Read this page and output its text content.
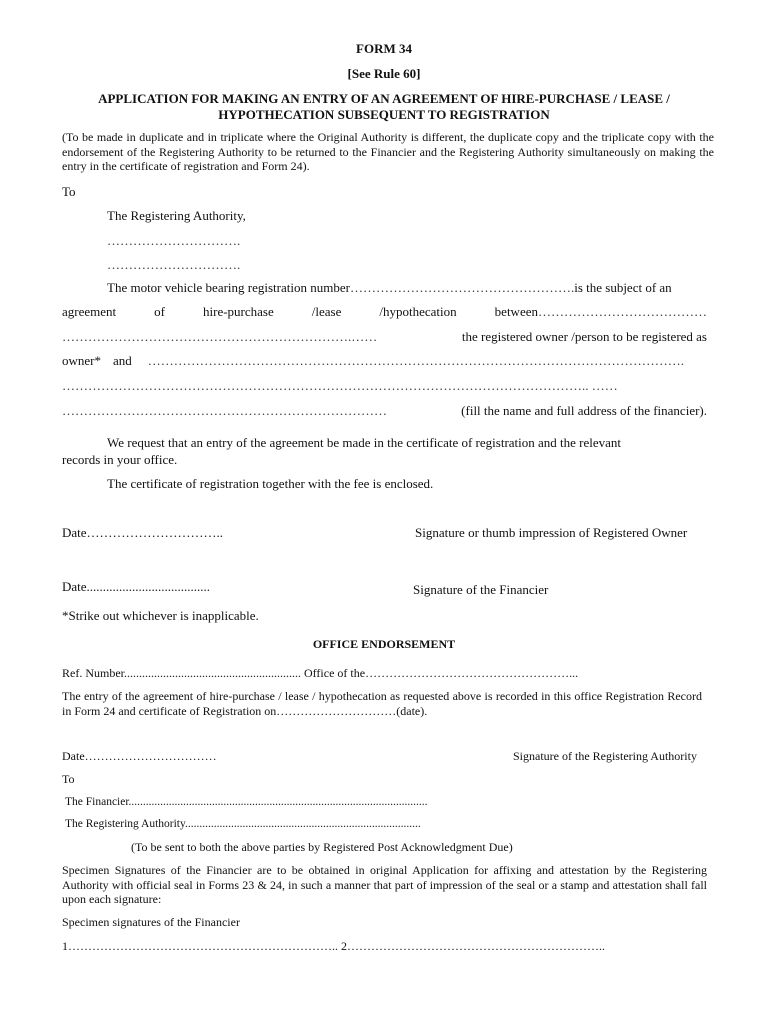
FORM 34
[See Rule 60]
APPLICATION FOR MAKING AN ENTRY OF AN AGREEMENT OF HIRE-PURCHASE / LEASE /
HYPOTHECATION SUBSEQUENT TO REGISTRATION
(To be made in duplicate and in triplicate where the Original Authority is different, the duplicate copy and the triplicate copy with the endorsement of the Registering Authority to be returned to the Financier and the Registering Authority simultaneously on making the entry in the certificate of registration and Form 24).
To
The Registering Authority,
………………………….
………………………….
The motor vehicle bearing registration number ……………………………………………. is the subject of an
agreement	of	hire-purchase	/lease	/hypothecation	between…………………………………
………………………………………………………….……	the registered owner /person to be registered as
owner* and …………………………………………………………………………………………………………….
………………………………………………………………………………………………………….. ……
…………………………………………………………………	(fill the name and full address of the financier).
We request that an entry of the agreement be made in the certificate of registration and the relevant
records in your office.
The certificate of registration together with the fee is enclosed.
Date…………………………..	Signature or thumb impression of Registered Owner
Date......................................	Signature of the Financier
*Strike out whichever is inapplicable.
OFFICE ENDORSEMENT
Ref. Number........................................................... Office of the……………………………………………...
The entry of the agreement of hire-purchase / lease / hypothecation as requested above is recorded in this office Registration Record in Form 24 and certificate of Registration on…………………………(date).
Date……………………………	Signature of the Registering Authority
To
The Financier........................................................................................................
The Registering Authority..................................................................................
(To be sent to both the above parties by Registered Post Acknowledgment Due)
Specimen Signatures of the Financier are to be obtained in original Application for affixing and attestation by the Registering Authority with official seal in Forms 23 & 24, in such a manner that part of impression of the seal or a stamp and attestation shall fall upon each signature:
Specimen signatures of the Financier
1………………………………………………………….. 2………………………………………………………..
